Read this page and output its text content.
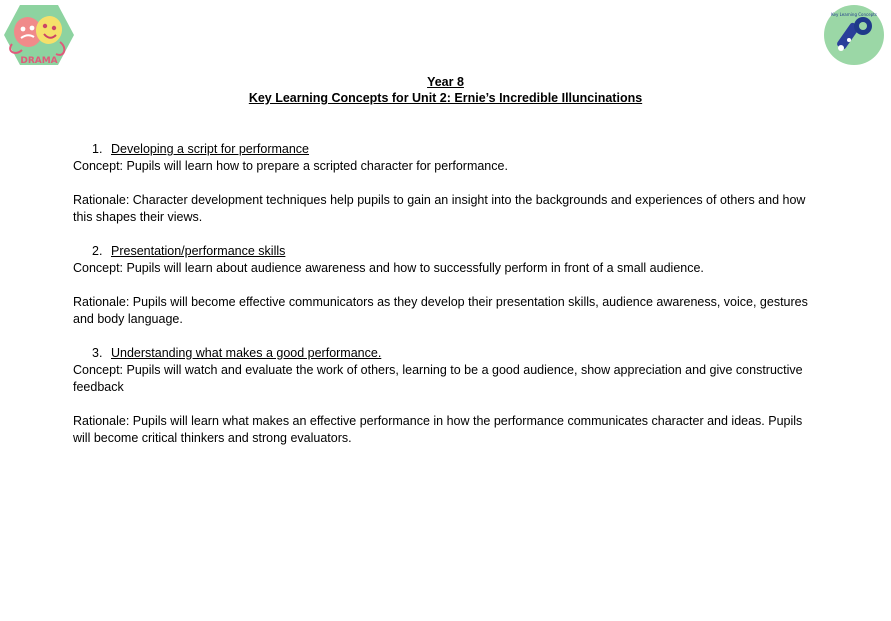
DRAMA
Key Learning Concepts
Year 8
Key Learning Concepts for Unit 2: Ernie’s Incredible Illuncinations
1. Developing a script for performance

Concept: Pupils will learn how to prepare a scripted character for performance.

Rationale: Character development techniques help pupils to gain an insight into the backgrounds and experiences of others and how this shapes their views.

2. Presentation/performance skills

Concept: Pupils will learn about audience awareness and how to successfully perform in front of a small audience.

Rationale: Pupils will become effective communicators as they develop their presentation skills, audience awareness, voice, gestures and body language.

3. Understanding what makes a good performance.

Concept: Pupils will watch and evaluate the work of others, learning to be a good audience, show appreciation and give constructive feedback

Rationale: Pupils will learn what makes an effective performance in how the performance communicates character and ideas. Pupils will become critical thinkers and strong evaluators.
